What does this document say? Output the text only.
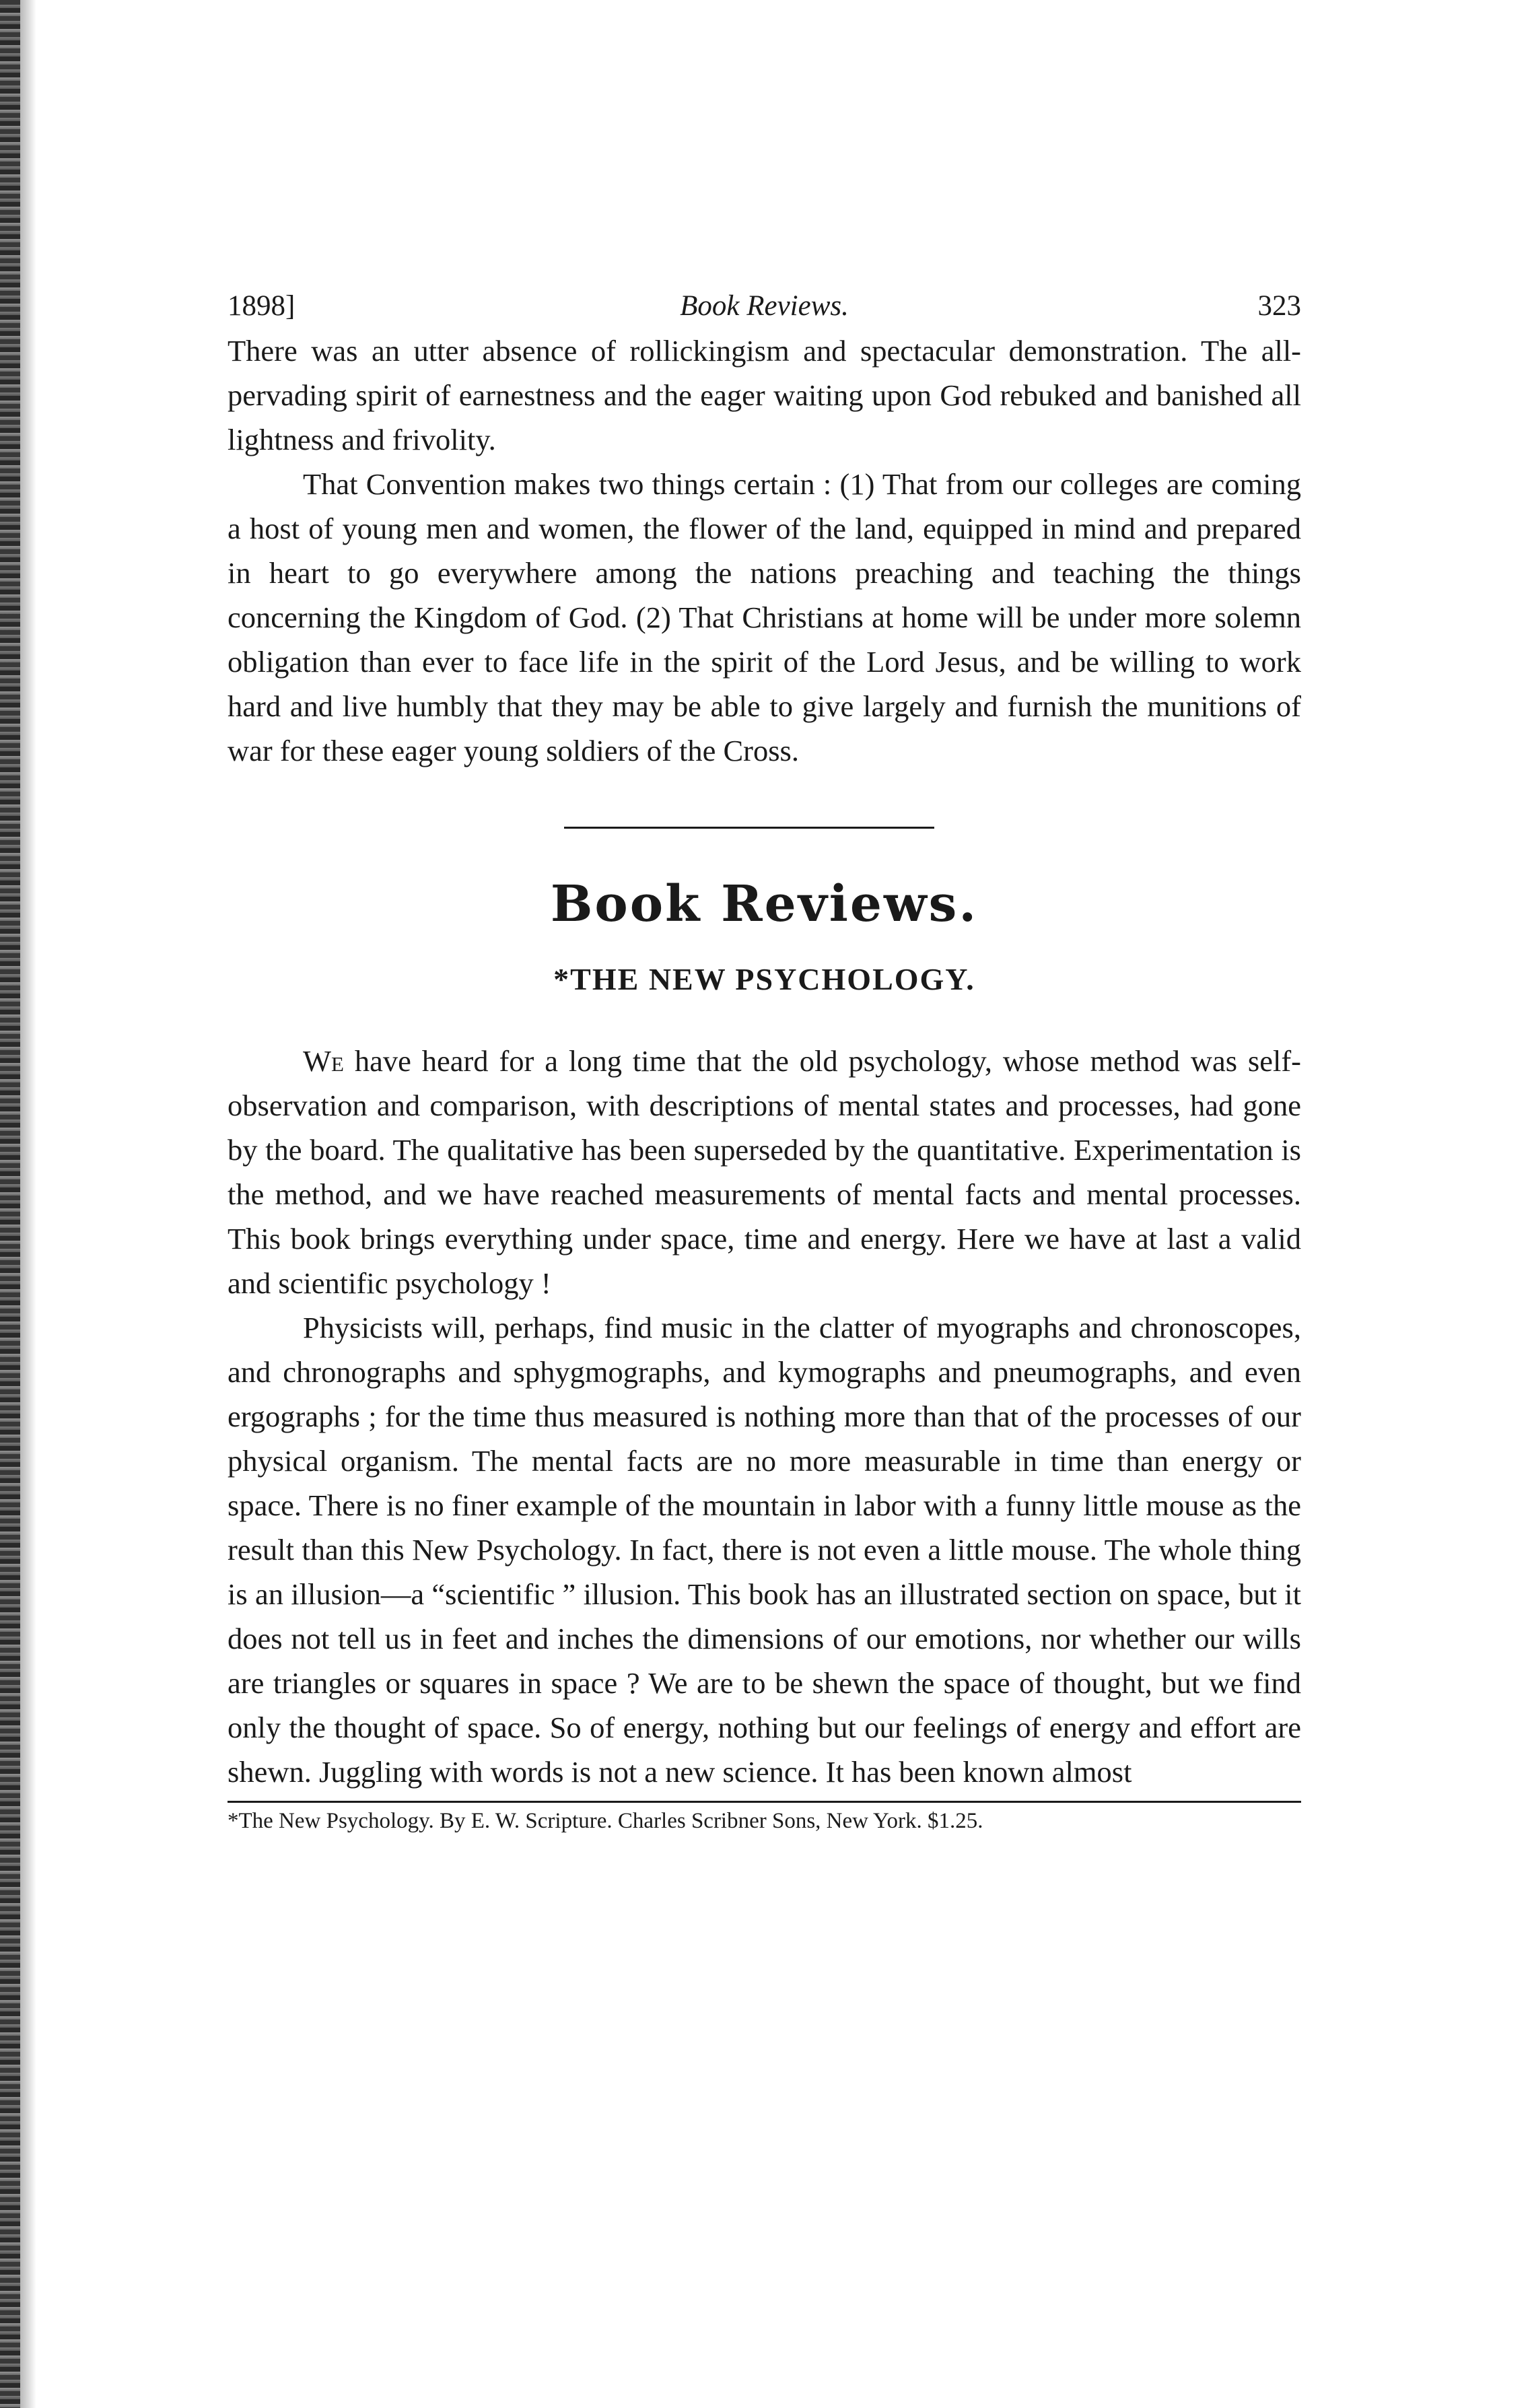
1898]	Book Reviews.	323

There was an utter absence of rollickingism and spectacular demonstration. The all-pervading spirit of earnestness and the eager waiting upon God rebuked and banished all lightness and frivolity.

That Convention makes two things certain : (1) That from our colleges are coming a host of young men and women, the flower of the land, equipped in mind and prepared in heart to go everywhere among the nations preaching and teaching the things concerning the Kingdom of God. (2) That Christians at home will be under more solemn obligation than ever to face life in the spirit of the Lord Jesus, and be willing to work hard and live humbly that they may be able to give largely and furnish the munitions of war for these eager young soldiers of the Cross.

Book Reviews.
*THE NEW PSYCHOLOGY.

We have heard for a long time that the old psychology, whose method was self-observation and comparison, with descriptions of mental states and processes, had gone by the board. The qualitative has been superseded by the quantitative. Experimentation is the method, and we have reached measurements of mental facts and mental processes. This book brings everything under space, time and energy. Here we have at last a valid and scientific psychology !

Physicists will, perhaps, find music in the clatter of myographs and chronoscopes, and chronographs and sphygmographs, and kymographs and pneumographs, and even ergographs ; for the time thus measured is nothing more than that of the processes of our physical organism. The mental facts are no more measurable in time than energy or space. There is no finer example of the mountain in labor with a funny little mouse as the result than this New Psychology. In fact, there is not even a little mouse. The whole thing is an illusion—a “scientific ” illusion. This book has an illustrated section on space, but it does not tell us in feet and inches the dimensions of our emotions, nor whether our wills are triangles or squares in space ? We are to be shewn the space of thought, but we find only the thought of space. So of energy, nothing but our feelings of energy and effort are shewn. Juggling with words is not a new science. It has been known almost

*The New Psychology. By E. W. Scripture. Charles Scribner Sons, New York. $1.25.
